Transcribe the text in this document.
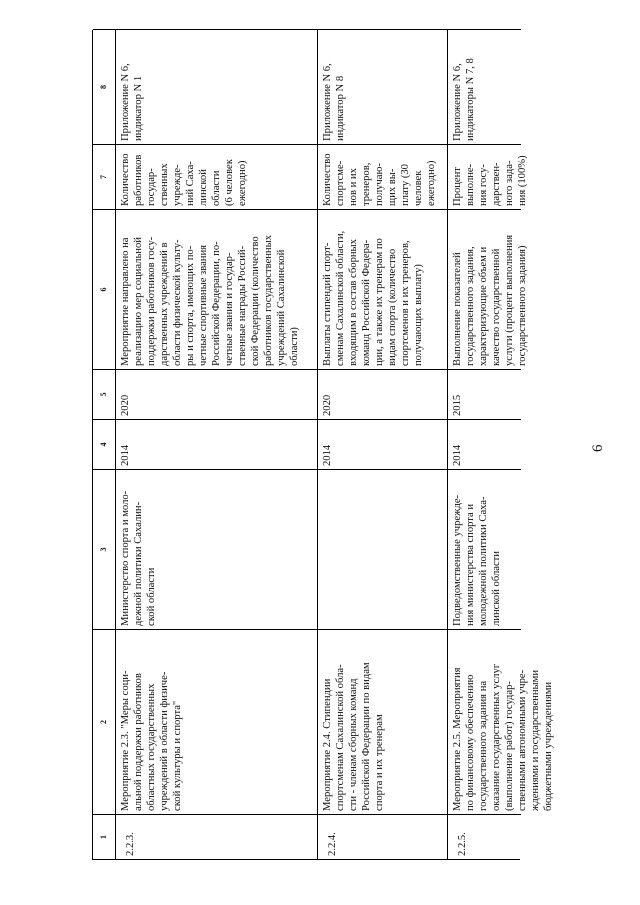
6
1
2
3
4
5
6
7
8
2.2.3.
Мероприятие 2.3. "Меры соци-
альной поддержки работников
областных государственных
учреждений в области физиче-
ской культуры и спорта"
Министерство спорта и моло-
дежной политики Сахалин-
ской области
2014
2020
Мероприятие направлено на
реализацию мер социальной
поддержки работников госу-
дарственных учреждений в
области физической культу-
ры и спорта, имеющих по-
четные спортивные звания
Российской Федерации, по-
четные звания и государ-
ственные награды Россий-
ской Федерации (количество
работников государственных
учреждений Сахалинской
области)
Количество
работников
государ-
ственных
учрежде-
ний Саха-
линской
области
(6 человек
ежегодно)
Приложение N 6,
индикатор N 1
2.2.4.
Мероприятие 2.4. Стипендии
спортсменам Сахалинской обла-
сти - членам сборных команд
Российской Федерации по видам
спорта и их тренерам
2014
2020
Выплаты стипендий спорт-
сменам Сахалинской области,
входящим в состав сборных
команд Российской Федера-
ции, а также их тренерам по
видам спорта (количество
спортсменов и их тренеров,
получающих выплату)
Количество
спортсме-
нов и их
тренеров,
получаю-
щих вы-
плату (30
человек
ежегодно)
Приложение N 6,
индикатор N 8
2.2.5.
Мероприятие 2.5. Мероприятия
по финансовому обеспечению
государственного задания на
оказание государственных услуг
(выполнение работ) государ-
ственными автономными учре-
ждениями и государственными
бюджетными учреждениями
Подведомственные учрежде-
ния министерства спорта и
молодежной политики Саха-
линской области
2014
2015
Выполнение показателей
государственного задания,
характеризующие объем и
качество государственной
услуги (процент выполнения
государственного задания)
Процент
выполне-
ния госу-
дарствен-
ного зада-
ния (100%)
Приложение N 6,
индикаторы N 7, 8
